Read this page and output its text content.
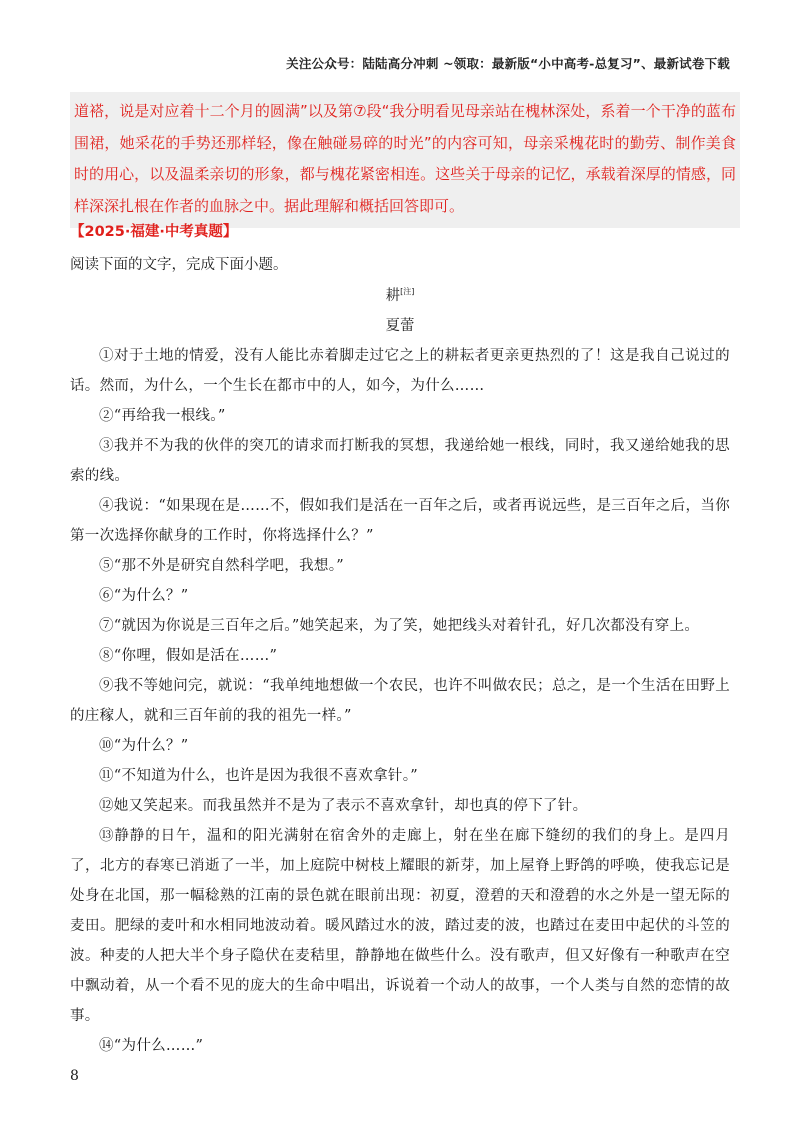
关注公众号：陆陆高分冲刺 ~领取：最新版“小中高考-总复习”、最新试卷下载

道褡，说是对应着十二个月的圆满”以及第⑦段“我分明看见母亲站在槐林深处，系着一个干净的蓝布围裙，她采花的手势还那样轻，像在触碰易碎的时光”的内容可知，母亲采槐花时的勤劳、制作美食时的用心，以及温柔亲切的形象，都与槐花紧密相连。这些关于母亲的记忆，承载着深厚的情感，同样深深扎根在作者的血脉之中。据此理解和概括回答即可。

【2025·福建·中考真题】
阅读下面的文字，完成下面小题。
耕[注]
夏蕾

①对于土地的情爱，没有人能比赤着脚走过它之上的耕耘者更亲更热烈的了！这是我自己说过的话。然而，为什么，一个生长在都市中的人，如今，为什么……

②“再给我一根线。”

③我并不为我的伙伴的突兀的请求而打断我的冥想，我递给她一根线，同时，我又递给她我的思索的线。

④我说：“如果现在是……不，假如我们是活在一百年之后，或者再说远些，是三百年之后，当你第一次选择你献身的工作时，你将选择什么？”

⑤“那不外是研究自然科学吧，我想。”

⑥“为什么？”

⑦“就因为你说是三百年之后。”她笑起来，为了笑，她把线头对着针孔，好几次都没有穿上。

⑧“你哩，假如是活在……”

⑨我不等她问完，就说：“我单纯地想做一个农民，也许不叫做农民；总之，是一个生活在田野上的庄稼人，就和三百年前的我的祖先一样。”

⑩“为什么？”

⑪“不知道为什么，也许是因为我很不喜欢拿针。”

⑫她又笑起来。而我虽然并不是为了表示不喜欢拿针，却也真的停下了针。

⑬静静的日午，温和的阳光满射在宿舍外的走廊上，射在坐在廊下缝纫的我们的身上。是四月了，北方的春寒已消逝了一半，加上庭院中树枝上耀眼的新芽，加上屋脊上野鸽的呼唤，使我忘记是处身在北国，那一幅稔熟的江南的景色就在眼前出现：初夏，澄碧的天和澄碧的水之外是一望无际的麦田。肥绿的麦叶和水相同地波动着。暖风踏过水的波，踏过麦的波，也踏过在麦田中起伏的斗笠的波。种麦的人把大半个身子隐伏在麦秸里，静静地在做些什么。没有歌声，但又好像有一种歌声在空中飘动着，从一个看不见的庞大的生命中唱出，诉说着一个动人的故事，一个人类与自然的恋情的故事。

⑭“为什么……”

8
